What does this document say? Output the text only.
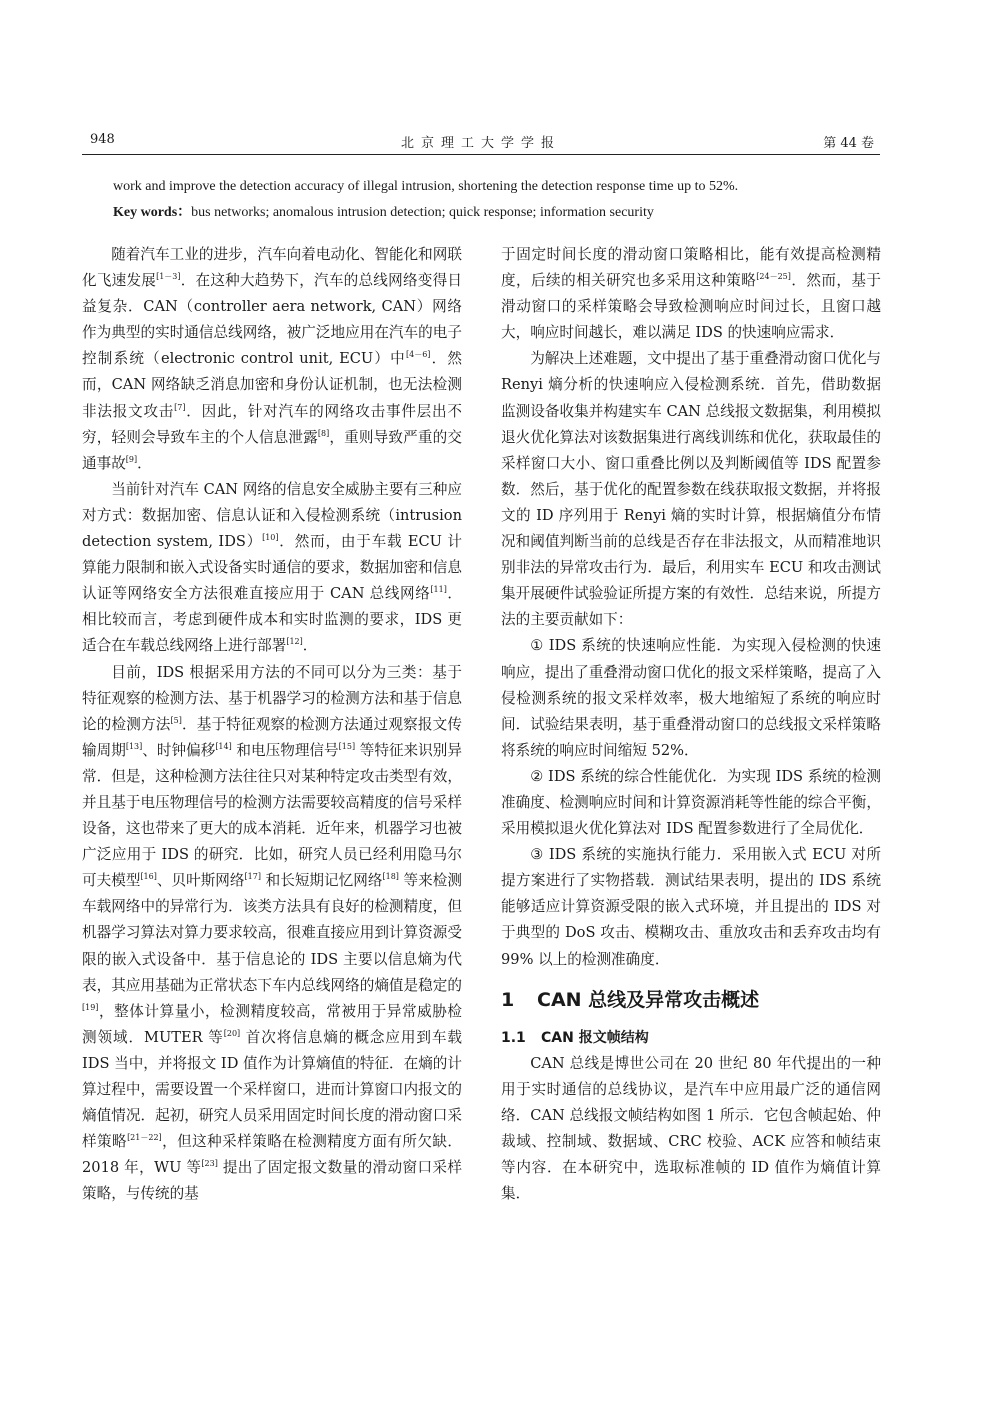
948	北京理工大学学报	第 44 卷
work and improve the detection accuracy of illegal intrusion, shortening the detection response time up to 52%.
Key words：bus networks; anomalous intrusion detection; quick response; information security

随着汽车工业的进步，汽车向着电动化、智能化和网联化飞速发展[1－3]．在这种大趋势下，汽车的总线网络变得日益复杂．CAN（controller aera network, CAN）网络作为典型的实时通信总线网络，被广泛地应用在汽车的电子控制系统（electronic control unit, ECU）中[4－6]．然而，CAN 网络缺乏消息加密和身份认证机制，也无法检测非法报文攻击[7]．因此，针对汽车的网络攻击事件层出不穷，轻则会导致车主的个人信息泄露[8]，重则导致严重的交通事故[9]．

当前针对汽车 CAN 网络的信息安全威胁主要有三种应对方式：数据加密、信息认证和入侵检测系统（intrusion detection system, IDS）[10]．然而，由于车载 ECU 计算能力限制和嵌入式设备实时通信的要求，数据加密和信息认证等网络安全方法很难直接应用于 CAN 总线网络[11]．相比较而言，考虑到硬件成本和实时监测的要求，IDS 更适合在车载总线网络上进行部署[12]．

目前，IDS 根据采用方法的不同可以分为三类：基于特征观察的检测方法、基于机器学习的检测方法和基于信息论的检测方法[5]．基于特征观察的检测方法通过观察报文传输周期[13]、时钟偏移[14] 和电压物理信号[15] 等特征来识别异常．但是，这种检测方法往往只对某种特定攻击类型有效，并且基于电压物理信号的检测方法需要较高精度的信号采样设备，这也带来了更大的成本消耗．近年来，机器学习也被广泛应用于 IDS 的研究．比如，研究人员已经利用隐马尔可夫模型[16]、贝叶斯网络[17] 和长短期记忆网络[18] 等来检测车载网络中的异常行为．该类方法具有良好的检测精度，但机器学习算法对算力要求较高，很难直接应用到计算资源受限的嵌入式设备中．基于信息论的 IDS 主要以信息熵为代表，其应用基础为正常状态下车内总线网络的熵值是稳定的[19]，整体计算量小，检测精度较高，常被用于异常威胁检测领域．MUTER 等[20] 首次将信息熵的概念应用到车载 IDS 当中，并将报文 ID 值作为计算熵值的特征．在熵的计算过程中，需要设置一个采样窗口，进而计算窗口内报文的熵值情况．起初，研究人员采用固定时间长度的滑动窗口采样策略[21－22]，但这种采样策略在检测精度方面有所欠缺．2018 年，WU 等[23] 提出了固定报文数量的滑动窗口采样策略，与传统的基

于固定时间长度的滑动窗口策略相比，能有效提高检测精度，后续的相关研究也多采用这种策略[24－25]．然而，基于滑动窗口的采样策略会导致检测响应时间过长，且窗口越大，响应时间越长，难以满足 IDS 的快速响应需求．

为解决上述难题，文中提出了基于重叠滑动窗口优化与 Renyi 熵分析的快速响应入侵检测系统．首先，借助数据监测设备收集并构建实车 CAN 总线报文数据集，利用模拟退火优化算法对该数据集进行离线训练和优化，获取最佳的采样窗口大小、窗口重叠比例以及判断阈值等 IDS 配置参数．然后，基于优化的配置参数在线获取报文数据，并将报文的 ID 序列用于 Renyi 熵的实时计算，根据熵值分布情况和阈值判断当前的总线是否存在非法报文，从而精准地识别非法的异常攻击行为．最后，利用实车 ECU 和攻击测试集开展硬件试验验证所提方案的有效性．总结来说，所提方法的主要贡献如下：

① IDS 系统的快速响应性能．为实现入侵检测的快速响应，提出了重叠滑动窗口优化的报文采样策略，提高了入侵检测系统的报文采样效率，极大地缩短了系统的响应时间．试验结果表明，基于重叠滑动窗口的总线报文采样策略将系统的响应时间缩短 52%．

② IDS 系统的综合性能优化．为实现 IDS 系统的检测准确度、检测响应时间和计算资源消耗等性能的综合平衡，采用模拟退火优化算法对 IDS 配置参数进行了全局优化．

③ IDS 系统的实施执行能力．采用嵌入式 ECU 对所提方案进行了实物搭载．测试结果表明，提出的 IDS 系统能够适应计算资源受限的嵌入式环境，并且提出的 IDS 对于典型的 DoS 攻击、模糊攻击、重放攻击和丢弃攻击均有 99% 以上的检测准确度．

1 CAN 总线及异常攻击概述
1.1 CAN 报文帧结构

CAN 总线是博世公司在 20 世纪 80 年代提出的一种用于实时通信的总线协议，是汽车中应用最广泛的通信网络．CAN 总线报文帧结构如图 1 所示．它包含帧起始、仲裁域、控制域、数据域、CRC 校验、ACK 应答和帧结束等内容．在本研究中，选取标准帧的 ID 值作为熵值计算集．
